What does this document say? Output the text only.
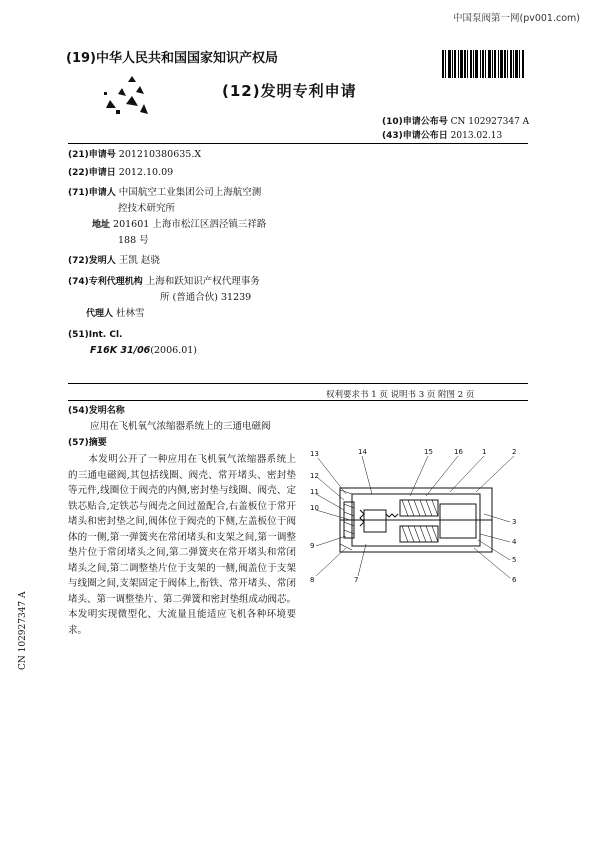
中国泵阀第一网(pv001.com)
(19)中华人民共和国国家知识产权局
(12)发明专利申请
(10)申请公布号 CN 102927347 A
(43)申请公布日 2013.02.13
(21)申请号 201210380635.X
(22)申请日 2012.10.09
(71)申请人 中国航空工业集团公司上海航空测
控技术研究所
地址 201601 上海市松江区泗泾镇三祥路
188 号
(72)发明人 王凯 赵骁
(74)专利代理机构 上海和跃知识产权代理事务
所 (普通合伙) 31239
代理人 杜林雪
(51)Int. Cl.
F16K 31/06(2006.01)
权利要求书 1 页 说明书 3 页 附图 2 页
(54)发明名称
应用在飞机氧气浓缩器系统上的三通电磁阀
(57)摘要
本发明公开了一种应用在飞机氧气浓缩器系统上的三通电磁阀,其包括线圈、阀壳、常开堵头、密封垫等元件,线圈位于阀壳的内侧,密封垫与线圈、阀壳、定铁芯贴合,定铁芯与阀壳之间过盈配合,右盖板位于常开堵头和密封垫之间,阀体位于阀壳的下侧,左盖板位于阀体的一侧,第一弹簧夹在常闭堵头和支架之间,第一调整垫片位于常闭堵头之间,第二弹簧夹在常开堵头和常闭堵头之间,第二调整垫片位于支架的一侧,阀盖位于支架与线圈之间,支架固定于阀体上,衔铁、常开堵头、常闭堵头、第一调整垫片、第二弹簧和密封垫组成动阀芯。本发明实现微型化、大流量且能适应飞机各种环境要求。
13	14	15	16	1	2
12
11
10
9
8	7
3
4
5
6
CN 102927347 A
